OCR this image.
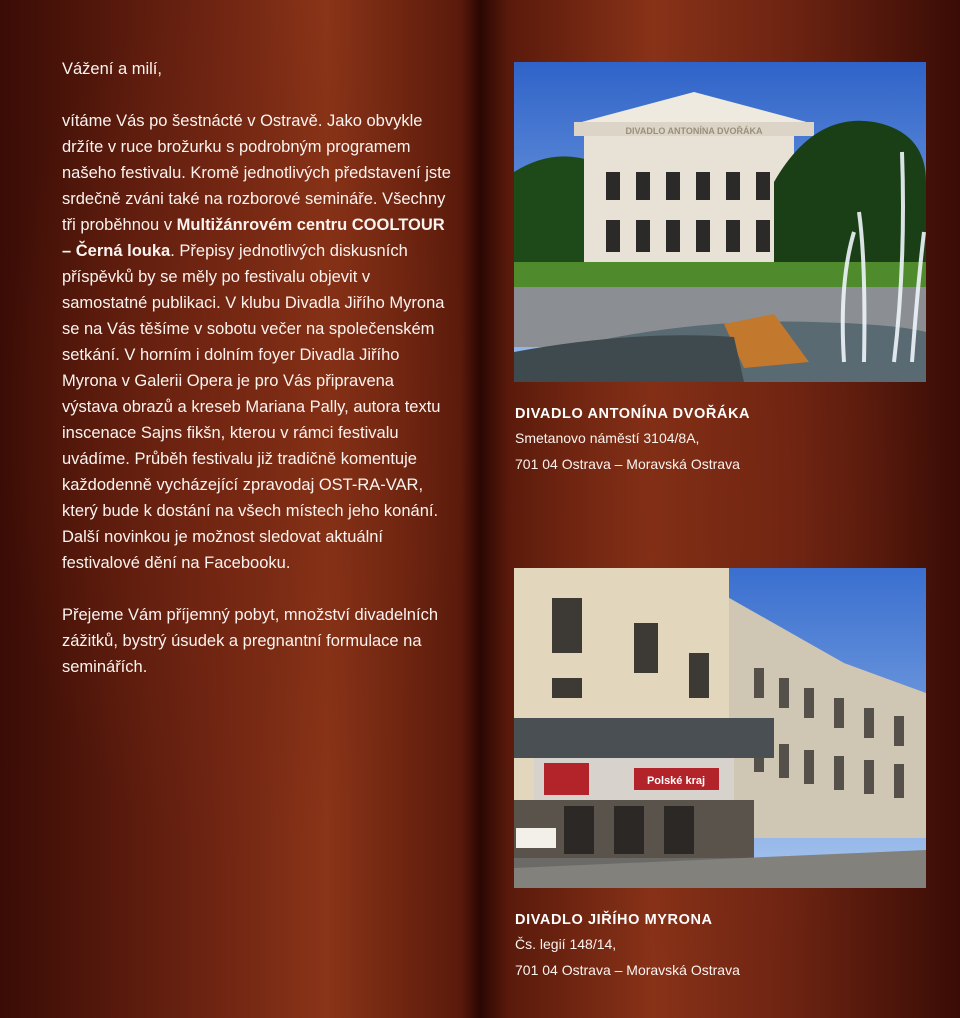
Vážení a milí,

vítáme Vás po šestnácté v Ostravě. Jako obvykle držíte v ruce brožurku s podrobným programem našeho festivalu. Kromě jednotlivých představení jste srdečně zváni také na rozborové semináře. Všechny tři proběhnou v Multižánrovém centru COOLTOUR – Černá louka. Přepisy jednotlivých diskusních příspěvků by se měly po festivalu objevit v samostatné publikaci. V klubu Divadla Jiřího Myrona se na Vás těšíme v sobotu večer na společenském setkání. V horním i dolním foyer Divadla Jiřího Myrona v Galerii Opera je pro Vás připravena výstava obrazů a kreseb Mariana Pally, autora textu inscenace Sajns fikšn, kterou v rámci festivalu uvádíme. Průběh festivalu již tradičně komentuje každodenně vycházející zpravodaj OST-RA-VAR, který bude k dostání na všech místech jeho konání. Další novinkou je možnost sledovat aktuální festivalové dění na Facebooku.

Přejeme Vám příjemný pobyt, množství divadelních zážitků, bystrý úsudek a pregnantní formulace na seminářích.

DIVADLO ANTONÍNA DVOŘÁKA

DIVADLO ANTONÍNA DVOŘÁKA

Smetanovo náměstí 3104/8A,

701 04 Ostrava – Moravská Ostrava

Polské kraj

DIVADLO JIŘÍHO MYRONA

Čs. legií 148/14,

701 04 Ostrava – Moravská Ostrava
